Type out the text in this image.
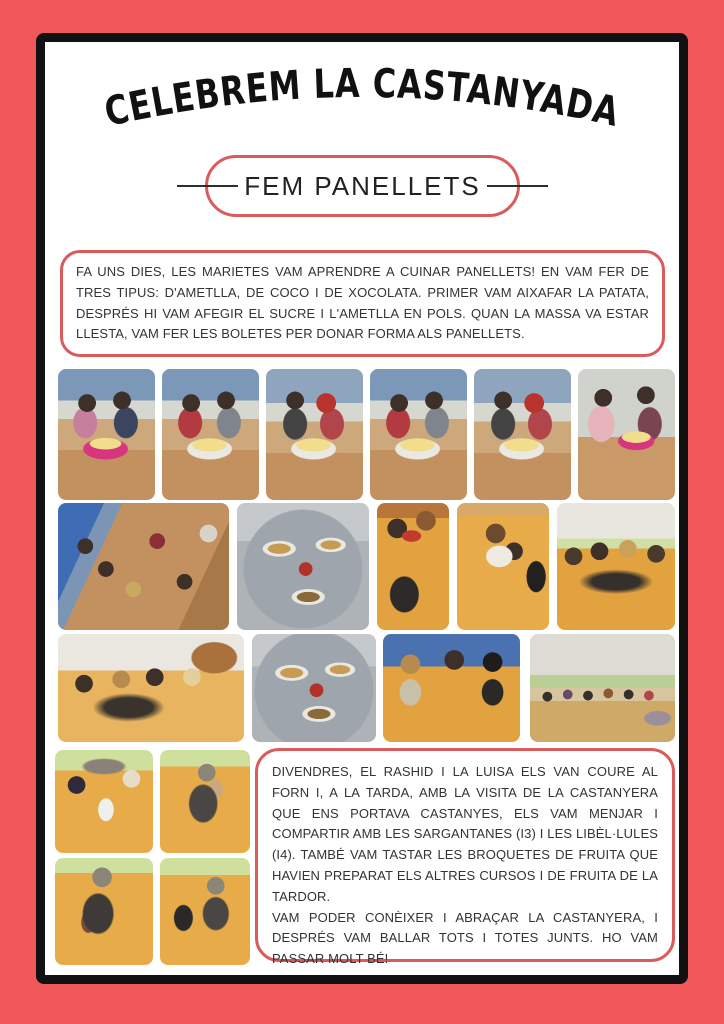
CELEBREM LA CASTANYADA
FEM PANELLETS

FA UNS DIES, LES MARIETES VAM APRENDRE A CUINAR PANELLETS! EN VAM FER DE TRES TIPUS: D'AMETLLA, DE COCO I DE XOCOLATA. PRIMER VAM AIXAFAR LA PATATA, DESPRÉS HI VAM AFEGIR EL SUCRE I L'AMETLLA EN POLS. QUAN LA MASSA VA ESTAR LLESTA, VAM FER LES BOLETES PER DONAR FORMA ALS PANELLETS.

DIVENDRES, EL RASHID I LA LUISA ELS VAN COURE AL FORN I, A LA TARDA, AMB LA VISITA DE LA CASTANYERA QUE ENS PORTAVA CASTANYES, ELS VAM MENJAR I COMPARTIR AMB LES SARGANTANES (I3) I LES LIBÈL·LULES (I4). TAMBÉ VAM TASTAR LES BROQUETES DE FRUITA QUE HAVIEN PREPARAT ELS ALTRES CURSOS I DE FRUITA DE LA TARDOR.

VAM PODER CONÈIXER I ABRAÇAR LA CASTANYERA, I DESPRÉS VAM BALLAR TOTS I TOTES JUNTS. HO VAM PASSAR MOLT BÉ!
